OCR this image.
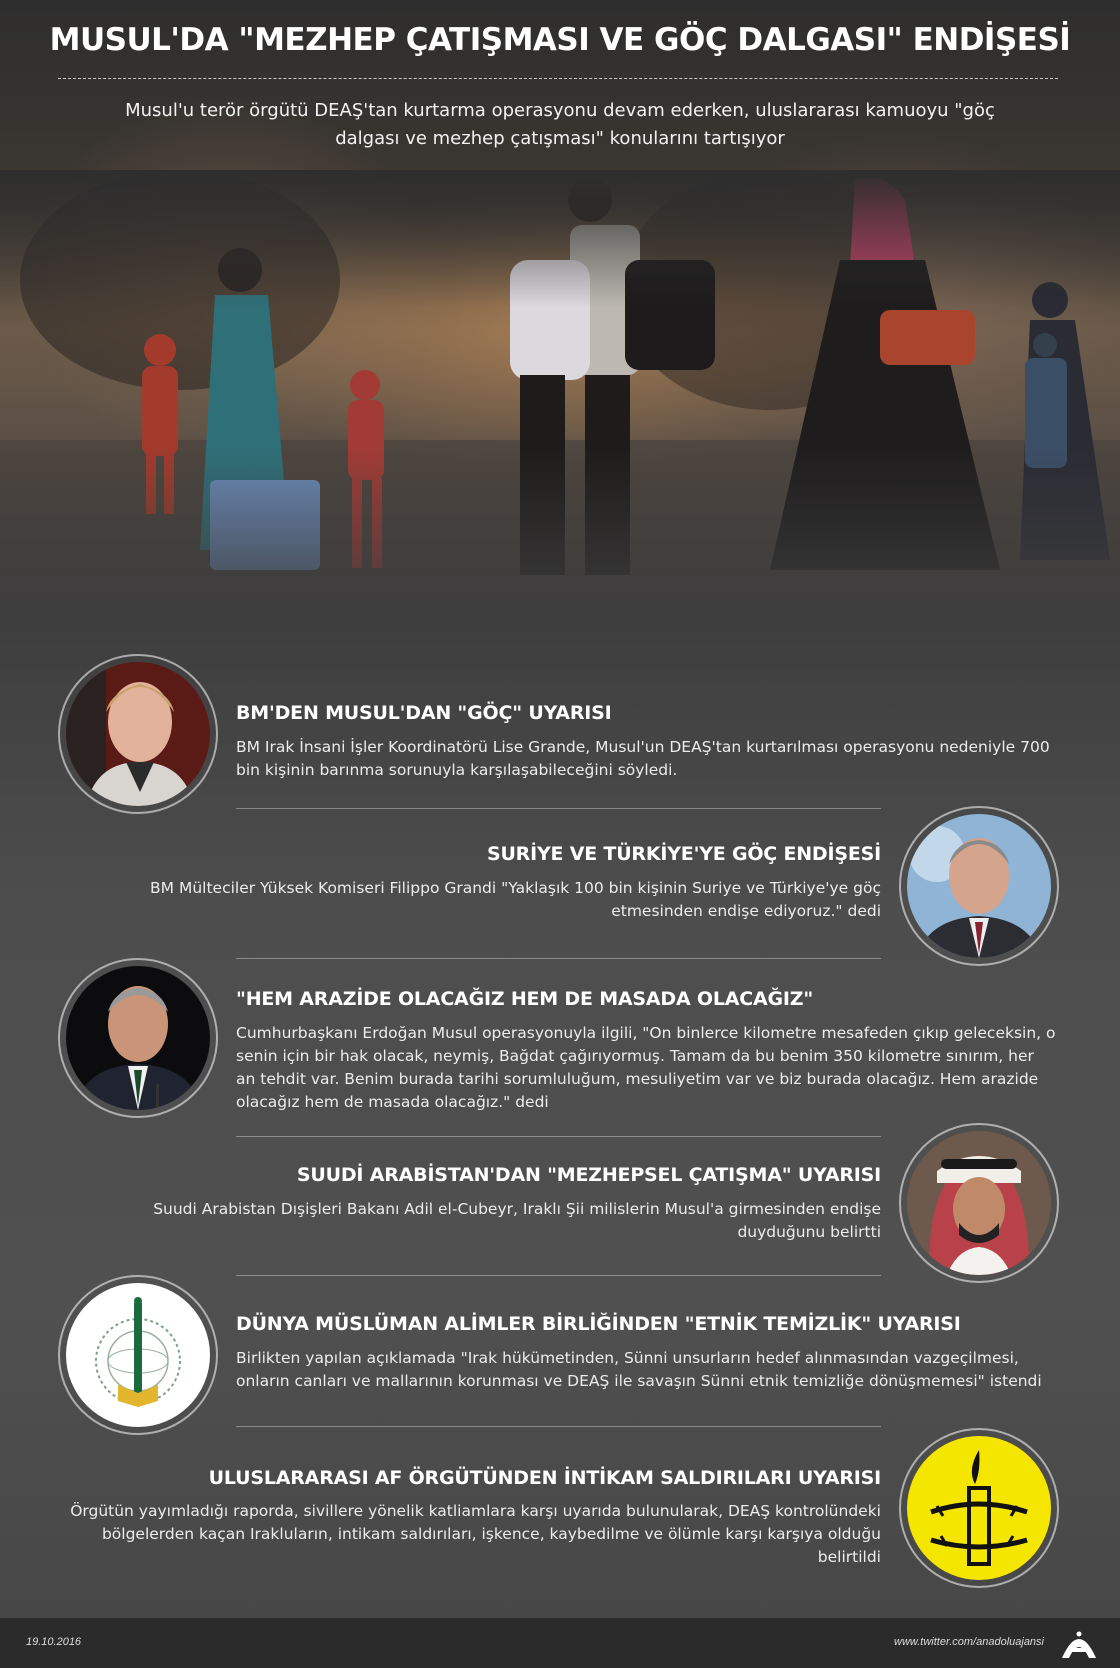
MUSUL'DA "MEZHEP ÇATIŞMASI VE GÖÇ DALGASI" ENDİŞESİ
Musul'u terör örgütü DEAŞ'tan kurtarma operasyonu devam ederken, uluslararası kamuoyu "göç dalgası ve mezhep çatışması" konularını tartışıyor
BM'DEN MUSUL'DAN "GÖÇ" UYARISI
BM Irak İnsani İşler Koordinatörü Lise Grande, Musul'un DEAŞ'tan kurtarılması operasyonu nedeniyle 700 bin kişinin barınma sorunuyla karşılaşabileceğini söyledi.
SURİYE VE TÜRKİYE'YE GÖÇ ENDİŞESİ
BM Mülteciler Yüksek Komiseri Filippo Grandi "Yaklaşık 100 bin kişinin Suriye ve Türkiye'ye göç etmesinden endişe ediyoruz." dedi
"HEM ARAZİDE OLACAĞIZ HEM DE MASADA OLACAĞIZ"
Cumhurbaşkanı Erdoğan Musul operasyonuyla ilgili, "On binlerce kilometre mesafeden çıkıp geleceksin, o senin için bir hak olacak, neymiş, Bağdat çağırıyormuş. Tamam da bu benim 350 kilometre sınırım, her an tehdit var. Benim burada tarihi sorumluluğum, mesuliyetim var ve biz burada olacağız. Hem arazide olacağız hem de masada olacağız." dedi
SUUDİ ARABİSTAN'DAN "MEZHEPSEL ÇATIŞMA" UYARISI
Suudi Arabistan Dışişleri Bakanı Adil el-Cubeyr, Iraklı Şii milislerin Musul'a girmesinden endişe duyduğunu belirtti
DÜNYA MÜSLÜMAN ALİMLER BİRLİĞİNDEN "ETNİK TEMİZLİK" UYARISI
Birlikten yapılan açıklamada "Irak hükümetinden, Sünni unsurların hedef alınmasından vazgeçilmesi, onların canları ve mallarının korunması ve DEAŞ ile savaşın Sünni etnik temizliğe dönüşmemesi" istendi
ULUSLARARASI AF ÖRGÜTÜNDEN İNTİKAM SALDIRILARI UYARISI
Örgütün yayımladığı raporda, sivillere yönelik katliamlara karşı uyarıda bulunularak, DEAŞ kontrolündeki bölgelerden kaçan Irakluların, intikam saldırıları, işkence, kaybedilme ve ölümle karşı karşıya olduğu belirtildi
19.10.2016	www.twitter.com/anadoluajansi
